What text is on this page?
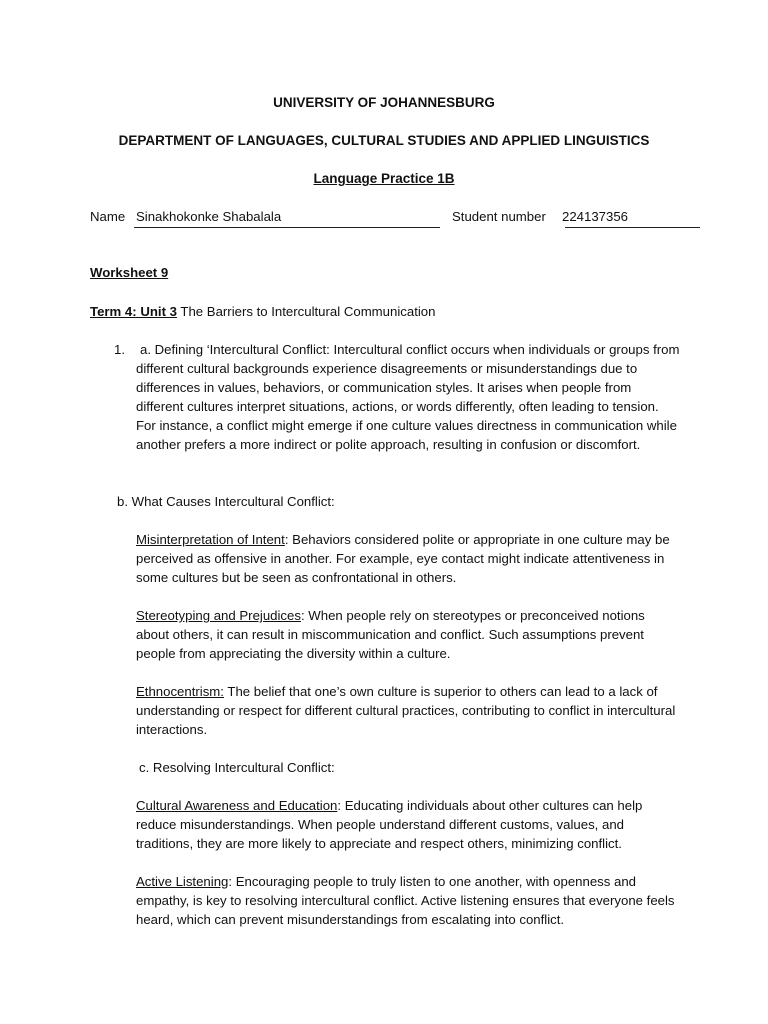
UNIVERSITY OF JOHANNESBURG
DEPARTMENT OF LANGUAGES, CULTURAL STUDIES AND APPLIED LINGUISTICS
Language Practice 1B
Name Sinakhokonke Shabalala	Student number 224137356
Worksheet 9
Term 4: Unit 3 The Barriers to Intercultural Communication
1.	a. Defining ‘Intercultural Conflict: Intercultural conflict occurs when individuals or groups from different cultural backgrounds experience disagreements or misunderstandings due to differences in values, behaviors, or communication styles. It arises when people from different cultures interpret situations, actions, or words differently, often leading to tension. For instance, a conflict might emerge if one culture values directness in communication while another prefers a more indirect or polite approach, resulting in confusion or discomfort.

b. What Causes Intercultural Conflict:

Misinterpretation of Intent: Behaviors considered polite or appropriate in one culture may be perceived as offensive in another. For example, eye contact might indicate attentiveness in some cultures but be seen as confrontational in others.

Stereotyping and Prejudices: When people rely on stereotypes or preconceived notions about others, it can result in miscommunication and conflict. Such assumptions prevent people from appreciating the diversity within a culture.

Ethnocentrism: The belief that one’s own culture is superior to others can lead to a lack of understanding or respect for different cultural practices, contributing to conflict in intercultural interactions.

c. Resolving Intercultural Conflict:

Cultural Awareness and Education: Educating individuals about other cultures can help reduce misunderstandings. When people understand different customs, values, and traditions, they are more likely to appreciate and respect others, minimizing conflict.

Active Listening: Encouraging people to truly listen to one another, with openness and empathy, is key to resolving intercultural conflict. Active listening ensures that everyone feels heard, which can prevent misunderstandings from escalating into conflict.
